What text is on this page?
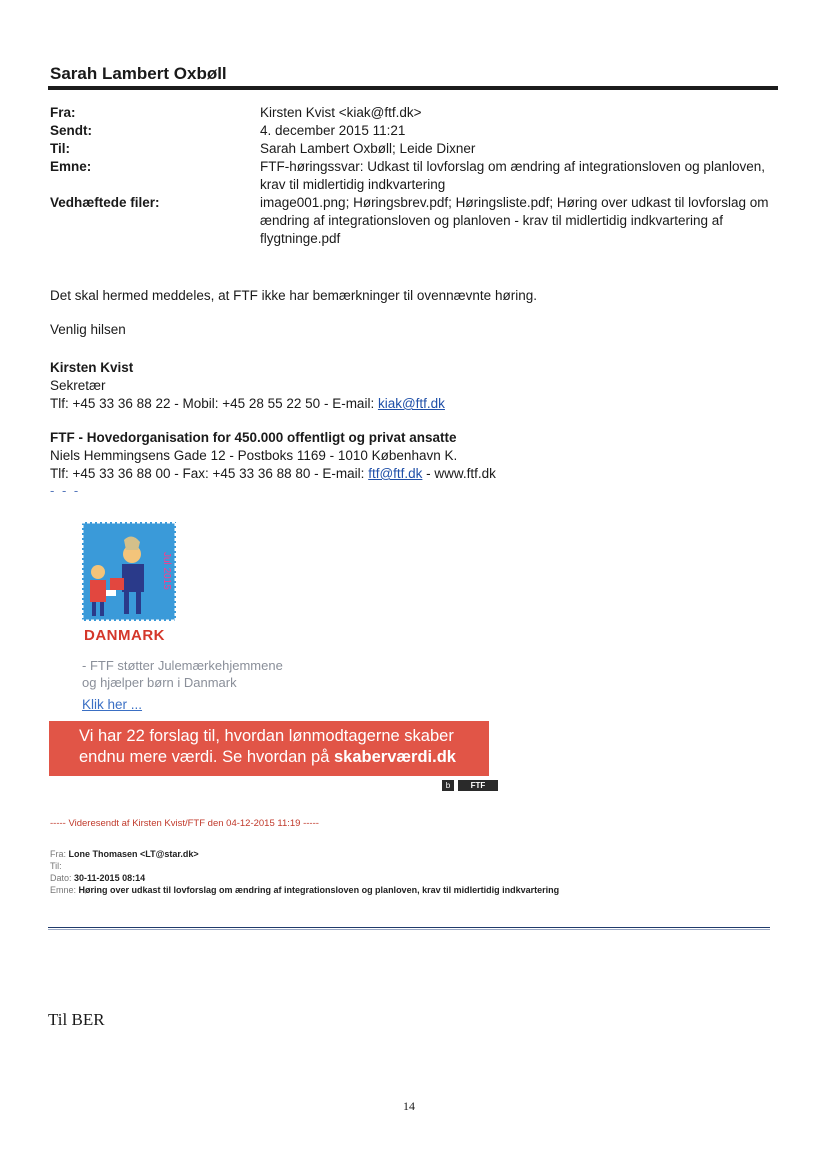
Sarah Lambert Oxbøll
Fra:	Kirsten Kvist <kiak@ftf.dk>
Sendt:	4. december 2015 11:21
Til:	Sarah Lambert Oxbøll; Leide Dixner
Emne:	FTF-høringssvar: Udkast til lovforslag om ændring af integrationsloven og planloven, krav til midlertidig indkvartering
Vedhæftede filer:	image001.png; Høringsbrev.pdf; Høringsliste.pdf; Høring over udkast til lovforslag om ændring af integrationsloven og planloven - krav til midlertidig indkvartering af flygtninge.pdf
Det skal hermed meddeles, at FTF ikke har bemærkninger til ovennævnte høring.
Venlig hilsen
Kirsten Kvist
Sekretær
Tlf: +45 33 36 88 22 - Mobil: +45 28 55 22 50 - E-mail: kiak@ftf.dk
FTF - Hovedorganisation for 450.000 offentligt og privat ansatte
Niels Hemmingsens Gade 12 - Postboks 1169 - 1010 København K.
Tlf: +45 33 36 88 00 - Fax: +45 33 36 88 80 - E-mail: ftf@ftf.dk - www.ftf.dk
- - -
Jul 2015
DANMARK
- FTF støtter Julemærkehjemmene
og hjælper børn i Danmark
Klik her ...
Vi har 22 forslag til, hvordan lønmodtagerne skaber
endnu mere værdi. Se hvordan på skaberværdi.dk
b	FTF
----- Videresendt af Kirsten Kvist/FTF den 04-12-2015 11:19 -----
Fra: Lone Thomasen <LT@star.dk>
Til:
Dato: 30-11-2015 08:14
Emne: Høring over udkast til lovforslag om ændring af integrationsloven og planloven, krav til midlertidig indkvartering
Til BER
14
